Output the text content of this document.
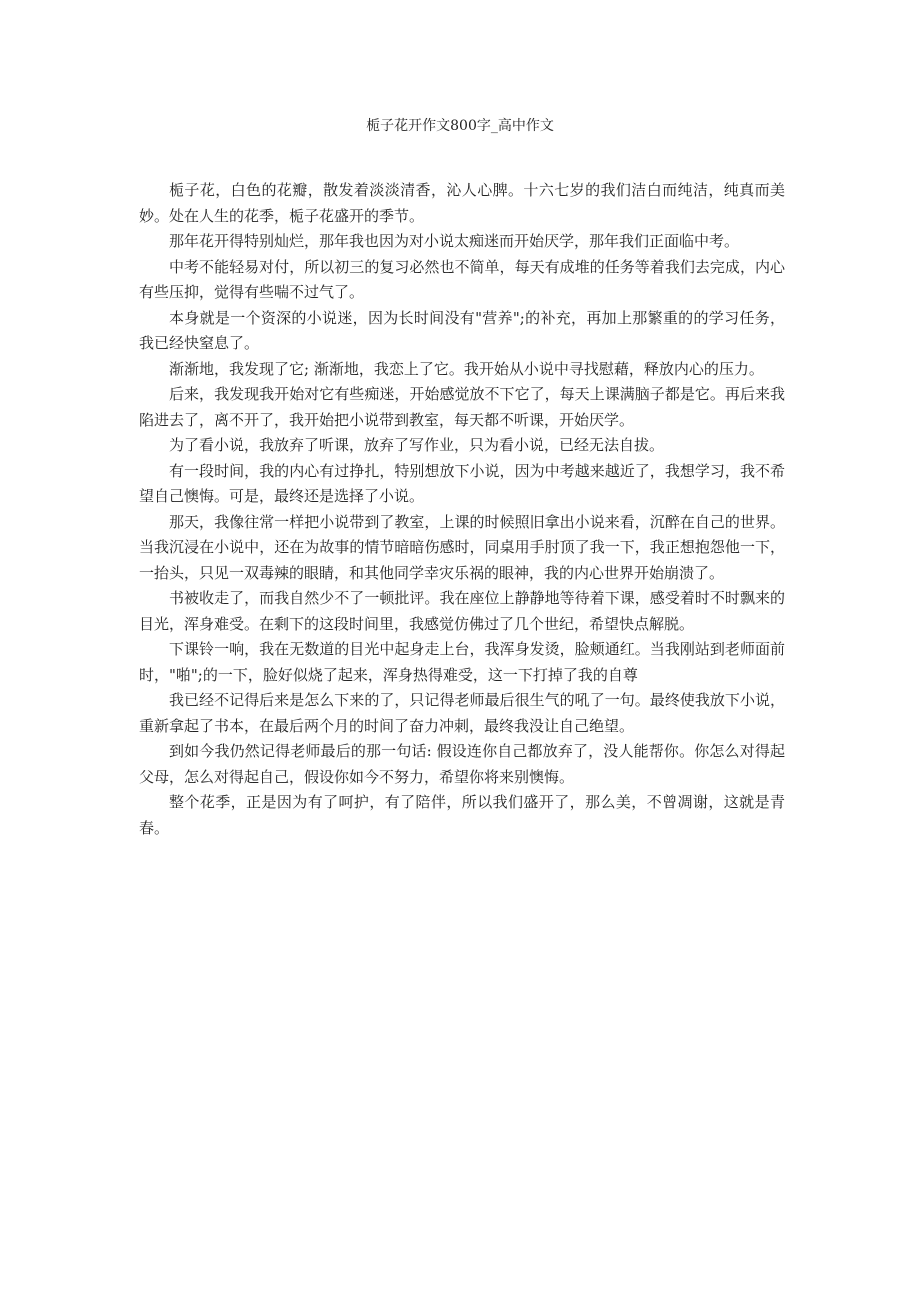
栀子花开作文800字_高中作文

栀子花，白色的花瓣，散发着淡淡清香，沁人心脾。十六七岁的我们洁白而纯洁，纯真而美妙。处在人生的花季，栀子花盛开的季节。

那年花开得特别灿烂，那年我也因为对小说太痴迷而开始厌学，那年我们正面临中考。

中考不能轻易对付，所以初三的复习必然也不简单，每天有成堆的任务等着我们去完成，内心有些压抑，觉得有些喘不过气了。

本身就是一个资深的小说迷，因为长时间没有"营养";的补充，再加上那繁重的的学习任务，我已经快窒息了。

渐渐地，我发现了它; 渐渐地，我恋上了它。我开始从小说中寻找慰藉，释放内心的压力。

后来，我发现我开始对它有些痴迷，开始感觉放不下它了，每天上课满脑子都是它。再后来我陷进去了，离不开了，我开始把小说带到教室，每天都不听课，开始厌学。

为了看小说，我放弃了听课，放弃了写作业，只为看小说，已经无法自拔。

有一段时间，我的内心有过挣扎，特别想放下小说，因为中考越来越近了，我想学习，我不希望自己懊悔。可是，最终还是选择了小说。

那天，我像往常一样把小说带到了教室，上课的时候照旧拿出小说来看，沉醉在自己的世界。当我沉浸在小说中，还在为故事的情节暗暗伤感时，同桌用手肘顶了我一下，我正想抱怨他一下，一抬头，只见一双毒辣的眼睛，和其他同学幸灾乐祸的眼神，我的内心世界开始崩溃了。

书被收走了，而我自然少不了一顿批评。我在座位上静静地等待着下课，感受着时不时飘来的目光，浑身难受。在剩下的这段时间里，我感觉仿佛过了几个世纪，希望快点解脱。

下课铃一响，我在无数道的目光中起身走上台，我浑身发烫，脸颊通红。当我刚站到老师面前时，"啪";的一下，脸好似烧了起来，浑身热得难受，这一下打掉了我的自尊

我已经不记得后来是怎么下来的了，只记得老师最后很生气的吼了一句。最终使我放下小说，重新拿起了书本，在最后两个月的时间了奋力冲刺，最终我没让自己绝望。

到如今我仍然记得老师最后的那一句话: 假设连你自己都放弃了，没人能帮你。你怎么对得起父母，怎么对得起自己，假设你如今不努力，希望你将来别懊悔。

整个花季，正是因为有了呵护，有了陪伴，所以我们盛开了，那么美，不曾凋谢，这就是青春。
